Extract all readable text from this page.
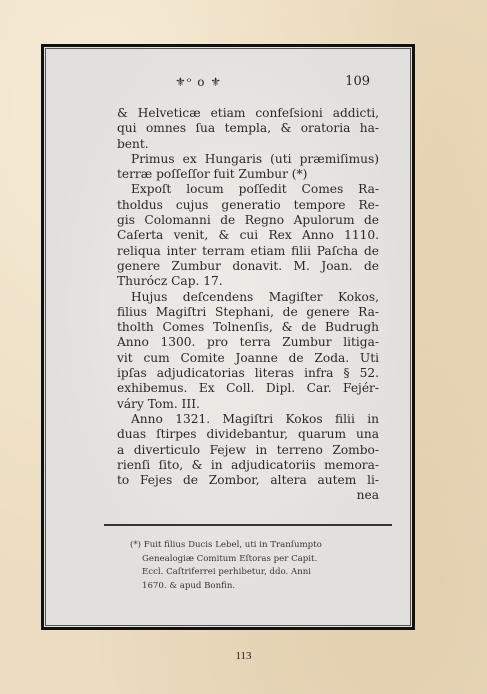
⚜ᵒ o ⚜	109
& Helveticæ etiam confeſsioni addicti,
qui omnes ſua templa, & oratoria ha-
bent.
Primus ex Hungaris (uti præmiſimus)
terræ poſſeſſor fuit Zumbur (*)
Expoſt locum poſſedit Comes Ra-
tholdus cujus generatio tempore Re-
gis Colomanni de Regno Apulorum de
Caſerta venit, & cui Rex Anno 1110.
reliqua inter terram etiam filii Paſcha de
genere Zumbur donavit. M. Joan. de
Thurócz Cap. 17.
Hujus deſcendens Magiſter Kokos,
filius Magiſtri Stephani, de genere Ra-
tholth Comes Tolnenſis, & de Budrugh
Anno 1300. pro terra Zumbur litiga-
vit cum Comite Joanne de Zoda. Uti
ipſas adjudicatorias literas infra § 52.
exhibemus. Ex Coll. Dipl. Car. Fejér-
váry Tom. III.
Anno 1321. Magiſtri Kokos filii in
duas ſtirpes dividebantur, quarum una
a diverticulo Fejew in terreno Zombo-
rienſi ſito, & in adjudicatoriis memora-
to Fejes de Zombor, altera autem li-
nea
(*) Fuit filius Ducis Lebel, uti in Tranſumpto
Genealogiæ Comitum Eſtoras per Capit.
Eccl. Caſtriferrei perhibetur, ddo. Anni
1670. & apud Bonfin.
113
